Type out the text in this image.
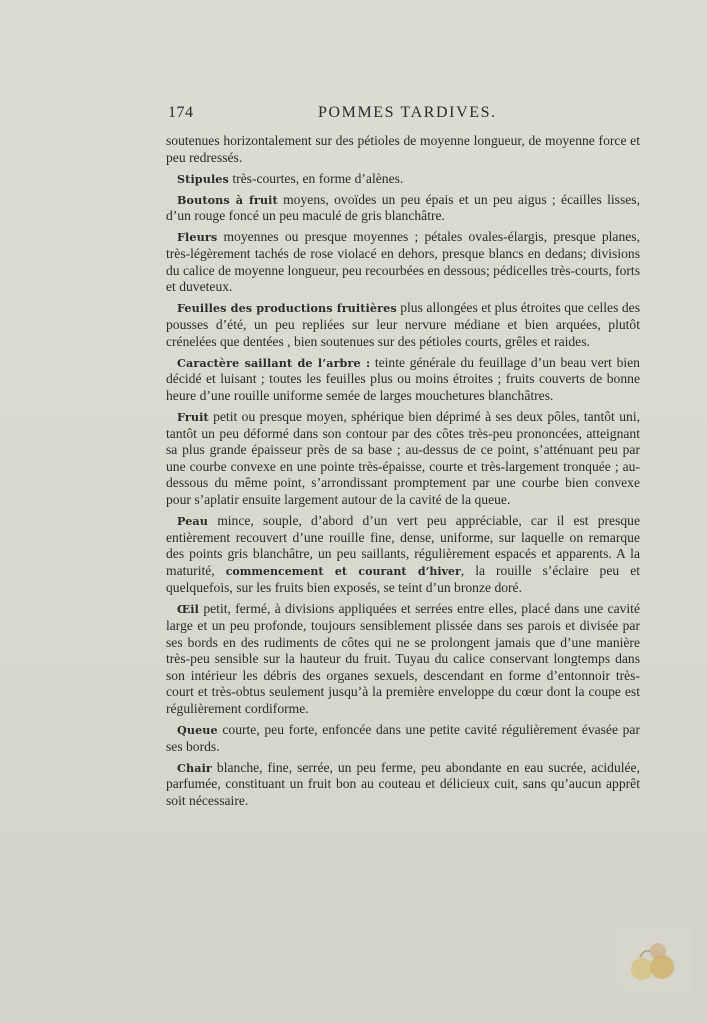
174	POMMES TARDIVES.

soutenues horizontalement sur des pétioles de moyenne longueur, de moyenne force et peu redressés.

Stipules très-courtes, en forme d’alènes.

Boutons à fruit moyens, ovoïdes un peu épais et un peu aigus ; écailles lisses, d’un rouge foncé un peu maculé de gris blanchâtre.

Fleurs moyennes ou presque moyennes ; pétales ovales-élargis, presque planes, très-légèrement tachés de rose violacé en dehors, presque blancs en dedans; divisions du calice de moyenne longueur, peu recourbées en dessous; pédicelles très-courts, forts et duveteux.

Feuilles des productions fruitières plus allongées et plus étroites que celles des pousses d’été, un peu repliées sur leur nervure médiane et bien arquées, plutôt crénelées que dentées , bien soutenues sur des pétioles courts, grêles et raides.

Caractère saillant de l’arbre : teinte générale du feuillage d’un beau vert bien décidé et luisant ; toutes les feuilles plus ou moins étroites ; fruits couverts de bonne heure d’une rouille uniforme semée de larges mouchetures blanchâtres.

Fruit petit ou presque moyen, sphérique bien déprimé à ses deux pôles, tantôt uni, tantôt un peu déformé dans son contour par des côtes très-peu prononcées, atteignant sa plus grande épaisseur près de sa base ; au-dessus de ce point, s’atténuant peu par une courbe convexe en une pointe très-épaisse, courte et très-largement tronquée ; au-dessous du même point, s’arrondissant promptement par une courbe bien convexe pour s’aplatir ensuite largement autour de la cavité de la queue.

Peau mince, souple, d’abord d’un vert peu appréciable, car il est presque entièrement recouvert d’une rouille fine, dense, uniforme, sur laquelle on remarque des points gris blanchâtre, un peu saillants, régulièrement espacés et apparents. A la maturité, commencement et courant d’hiver, la rouille s’éclaire peu et quelquefois, sur les fruits bien exposés, se teint d’un bronze doré.

Œil petit, fermé, à divisions appliquées et serrées entre elles, placé dans une cavité large et un peu profonde, toujours sensiblement plissée dans ses parois et divisée par ses bords en des rudiments de côtes qui ne se prolongent jamais que d’une manière très-peu sensible sur la hauteur du fruit. Tuyau du calice conservant longtemps dans son intérieur les débris des organes sexuels, descendant en forme d’entonnoir très-court et très-obtus seulement jusqu’à la première enveloppe du cœur dont la coupe est régulièrement cordiforme.

Queue courte, peu forte, enfoncée dans une petite cavité régulièrement évasée par ses bords.

Chair blanche, fine, serrée, un peu ferme, peu abondante en eau sucrée, acidulée, parfumée, constituant un fruit bon au couteau et délicieux cuit, sans qu’aucun apprêt soit nécessaire.
